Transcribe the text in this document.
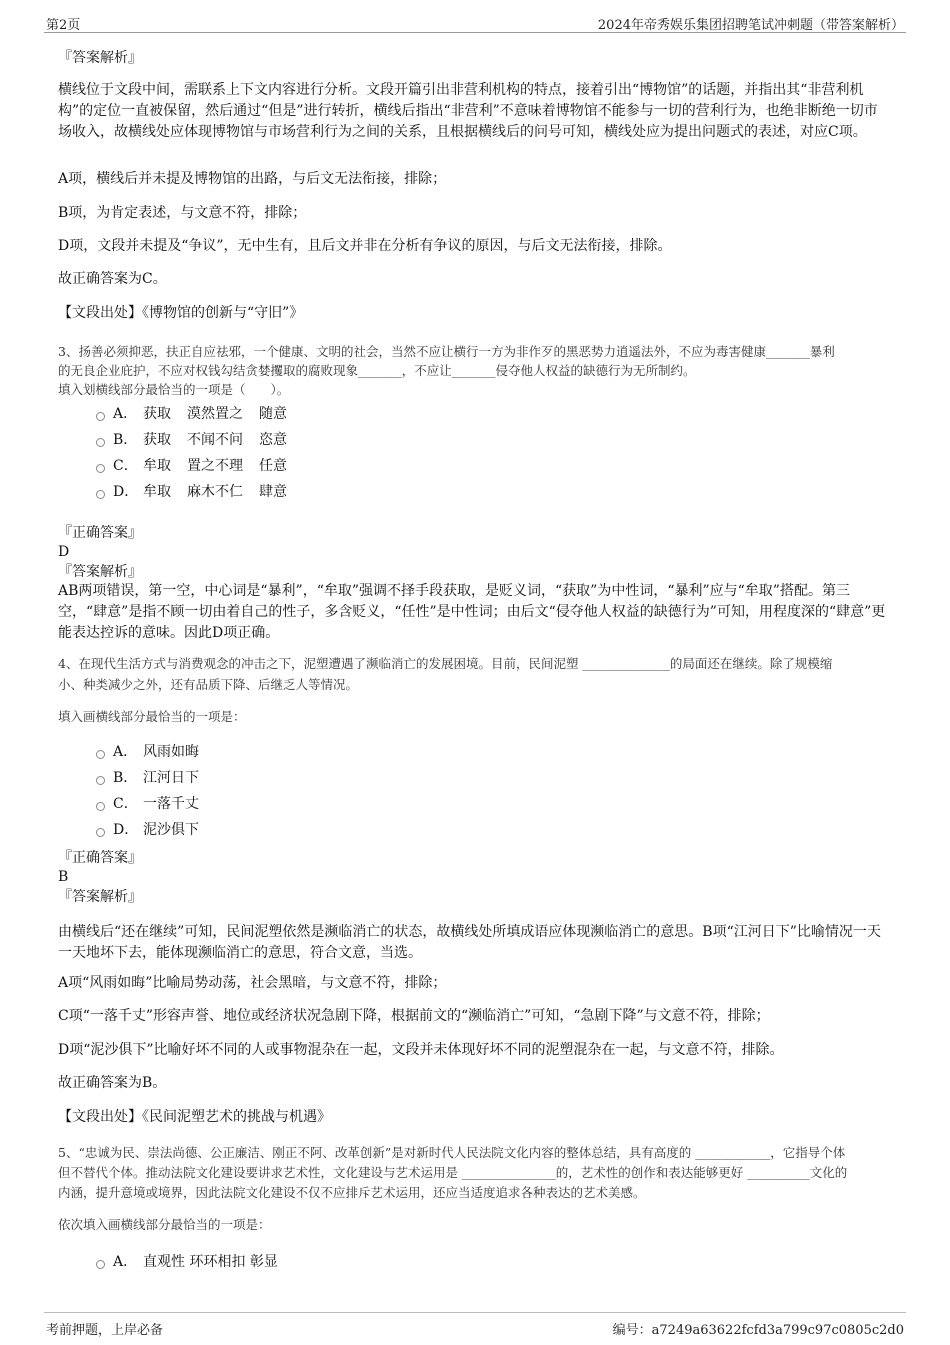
第2页	2024年帝秀娱乐集团招聘笔试冲刺题（带答案解析）
『答案解析』
横线位于文段中间，需联系上下文内容进行分析。文段开篇引出非营利机构的特点，接着引出“博物馆”的话题，并指出其“非营利机构”的定位一直被保留，然后通过“但是”进行转折，横线后指出“非营利”不意味着博物馆不能参与一切的营利行为，也绝非断绝一切市场收入，故横线处应体现博物馆与市场营利行为之间的关系，且根据横线后的问号可知，横线处应为提出问题式的表述，对应C项。
A项，横线后并未提及博物馆的出路，与后文无法衔接，排除；
B项，为肯定表述，与文意不符，排除；
D项，文段并未提及“争议”，无中生有，且后文并非在分析有争议的原因，与后文无法衔接，排除。
故正确答案为C。
【文段出处】《博物馆的创新与“守旧”》
3、扬善必须抑恶，扶正自应祛邪，一个健康、文明的社会，当然不应让横行一方为非作歹的黑恶势力逍遥法外，不应为毒害健康_______暴利
的无良企业庇护，不应对权钱勾结贪婪攫取的腐败现象_______，不应让_______侵夺他人权益的缺德行为无所制约。
填入划横线部分最恰当的一项是（　　）。
A． 获取 漠然置之 随意
B． 获取 不闻不问 恣意
C． 牟取 置之不理 任意
D． 牟取 麻木不仁 肆意
『正确答案』
D
『答案解析』
AB两项错误，第一空，中心词是“暴利”，“牟取”强调不择手段获取，是贬义词，“获取”为中性词，“暴利”应与“牟取”搭配。第三空，“肆意”是指不顾一切由着自己的性子，多含贬义，“任性”是中性词；由后文“侵夺他人权益的缺德行为”可知，用程度深的“肆意”更能表达控诉的意味。因此D项正确。
4、在现代生活方式与消费观念的冲击之下，泥塑遭遇了濒临消亡的发展困境。目前，民间泥塑 ______________的局面还在继续。除了规模缩
小、种类减少之外，还有品质下降、后继乏人等情况。
填入画横线部分最恰当的一项是：
A． 风雨如晦
B． 江河日下
C． 一落千丈
D． 泥沙俱下
『正确答案』
B
『答案解析』
由横线后“还在继续”可知，民间泥塑依然是濒临消亡的状态，故横线处所填成语应体现濒临消亡的意思。B项“江河日下”比喻情况一天一天地坏下去，能体现濒临消亡的意思，符合文意，当选。
A项“风雨如晦”比喻局势动荡，社会黑暗，与文意不符，排除；
C项“一落千丈”形容声誉、地位或经济状况急剧下降，根据前文的“濒临消亡”可知，“急剧下降”与文意不符，排除；
D项“泥沙俱下”比喻好坏不同的人或事物混杂在一起，文段并未体现好坏不同的泥塑混杂在一起，与文意不符，排除。
故正确答案为B。
【文段出处】《民间泥塑艺术的挑战与机遇》
5、“忠诚为民、崇法尚德、公正廉洁、刚正不阿、改革创新”是对新时代人民法院文化内容的整体总结，具有高度的 ____________，它指导个体
但不替代个体。推动法院文化建设要讲求艺术性，文化建设与艺术运用是 _______________的，艺术性的创作和表达能够更好 __________文化的
内涵，提升意境或境界，因此法院文化建设不仅不应排斥艺术运用，还应当适度追求各种表达的艺术美感。
依次填入画横线部分最恰当的一项是：
A． 直观性 环环相扣 彰显
考前押题，上岸必备	编号：a7249a63622fcfd3a799c97c0805c2d0
